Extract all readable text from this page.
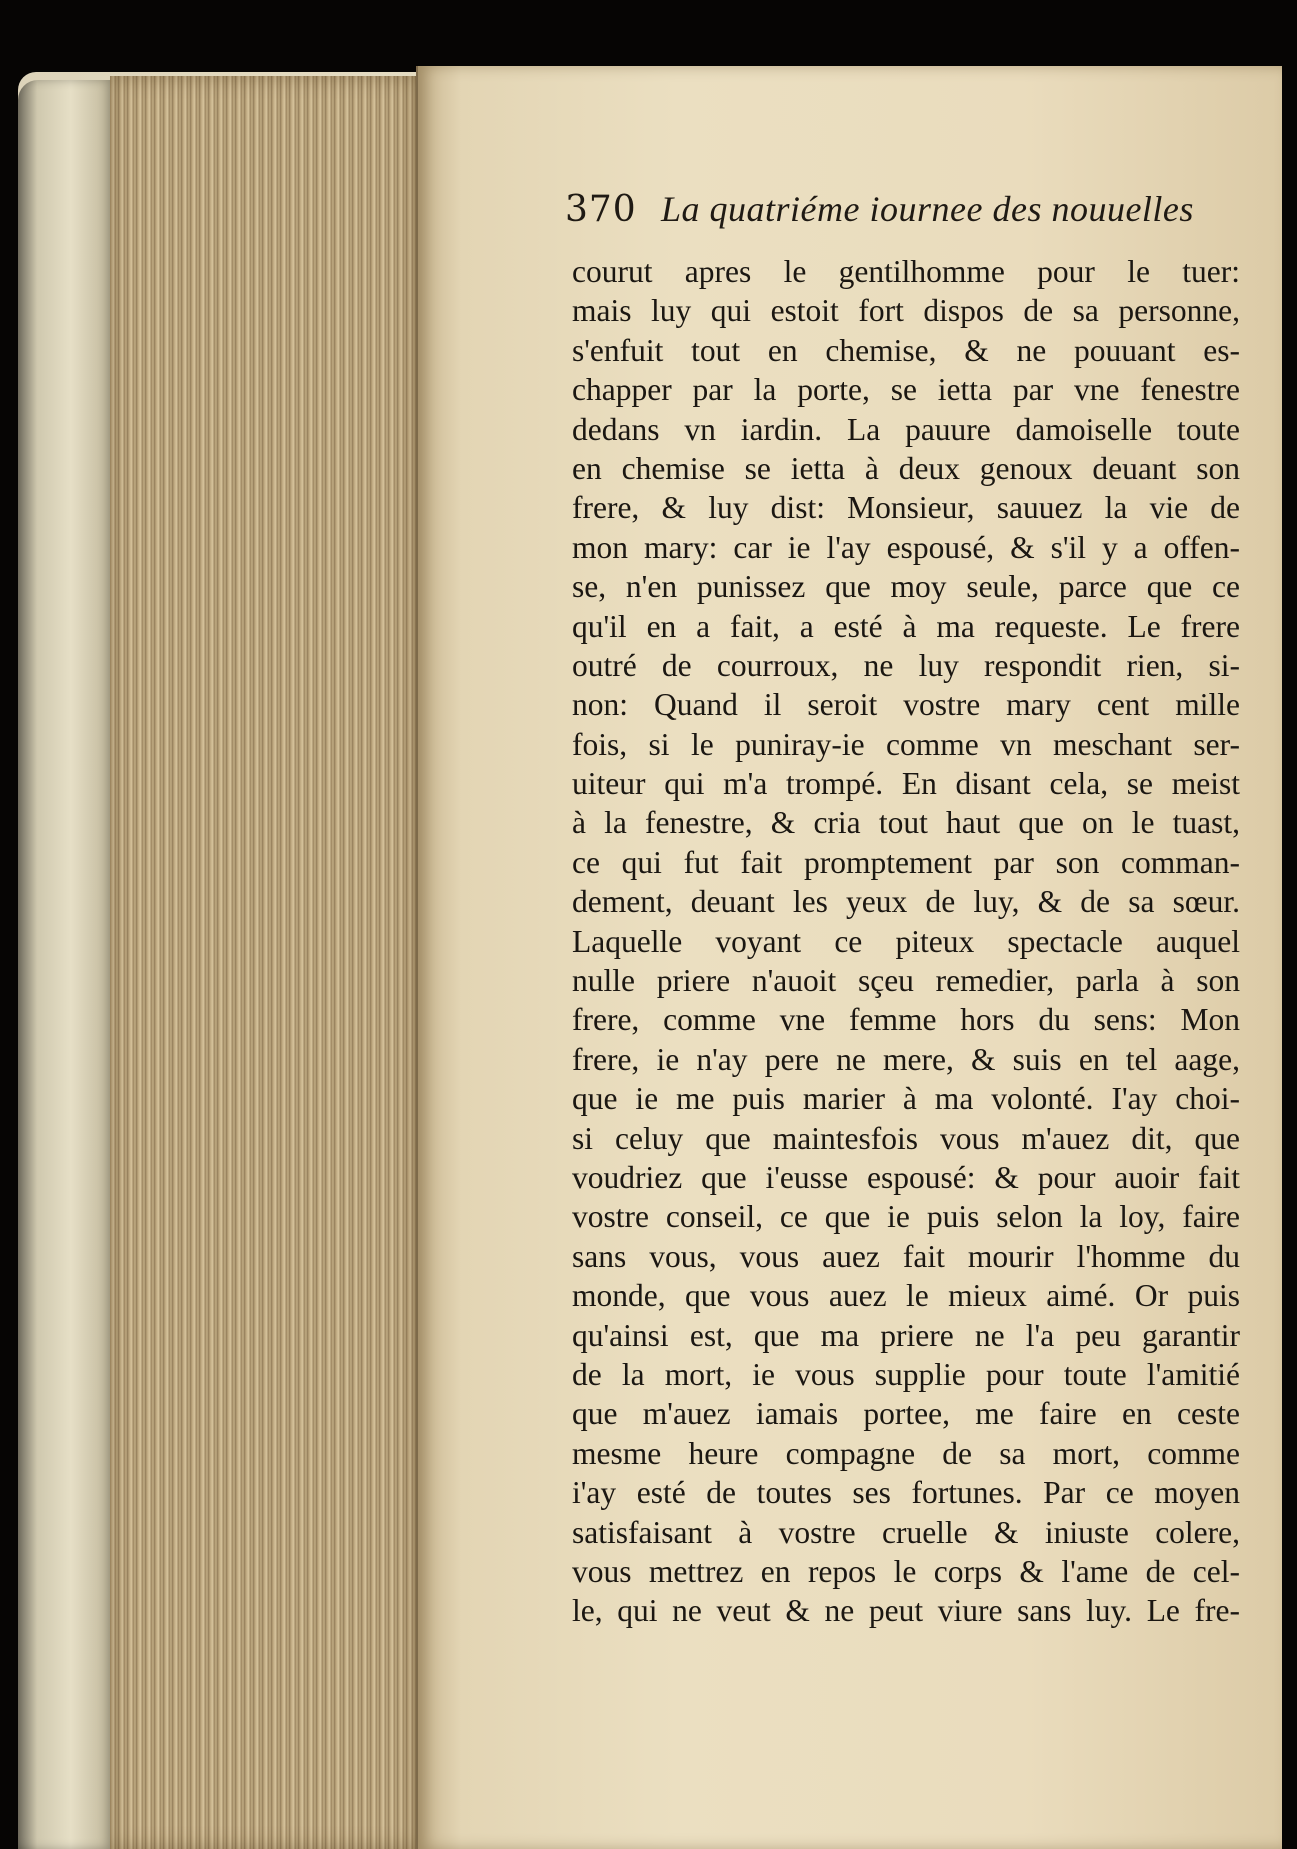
370 La quatriéme iournee des nouuelles
courut apres le gentilhomme pour le tuer:
mais luy qui estoit fort dispos de sa personne,
s'enfuit tout en chemise, & ne pouuant es-
chapper par la porte, se ietta par vne fenestre
dedans vn iardin. La pauure damoiselle toute
en chemise se ietta à deux genoux deuant son
frere, & luy dist: Monsieur, sauuez la vie de
mon mary: car ie l'ay espousé, & s'il y a offen-
se, n'en punissez que moy seule, parce que ce
qu'il en a fait, a esté à ma requeste. Le frere
outré de courroux, ne luy respondit rien, si-
non: Quand il seroit vostre mary cent mille
fois, si le puniray-ie comme vn meschant ser-
uiteur qui m'a trompé. En disant cela, se meist
à la fenestre, & cria tout haut que on le tuast,
ce qui fut fait promptement par son comman-
dement, deuant les yeux de luy, & de sa sœur.
Laquelle voyant ce piteux spectacle auquel
nulle priere n'auoit sçeu remedier, parla à son
frere, comme vne femme hors du sens: Mon
frere, ie n'ay pere ne mere, & suis en tel aage,
que ie me puis marier à ma volonté. I'ay choi-
si celuy que maintesfois vous m'auez dit, que
voudriez que i'eusse espousé: & pour auoir fait
vostre conseil, ce que ie puis selon la loy, faire
sans vous, vous auez fait mourir l'homme du
monde, que vous auez le mieux aimé. Or puis
qu'ainsi est, que ma priere ne l'a peu garantir
de la mort, ie vous supplie pour toute l'amitié
que m'auez iamais portee, me faire en ceste
mesme heure compagne de sa mort, comme
i'ay esté de toutes ses fortunes. Par ce moyen
satisfaisant à vostre cruelle & iniuste colere,
vous mettrez en repos le corps & l'ame de cel-
le, qui ne veut & ne peut viure sans luy. Le fre-
